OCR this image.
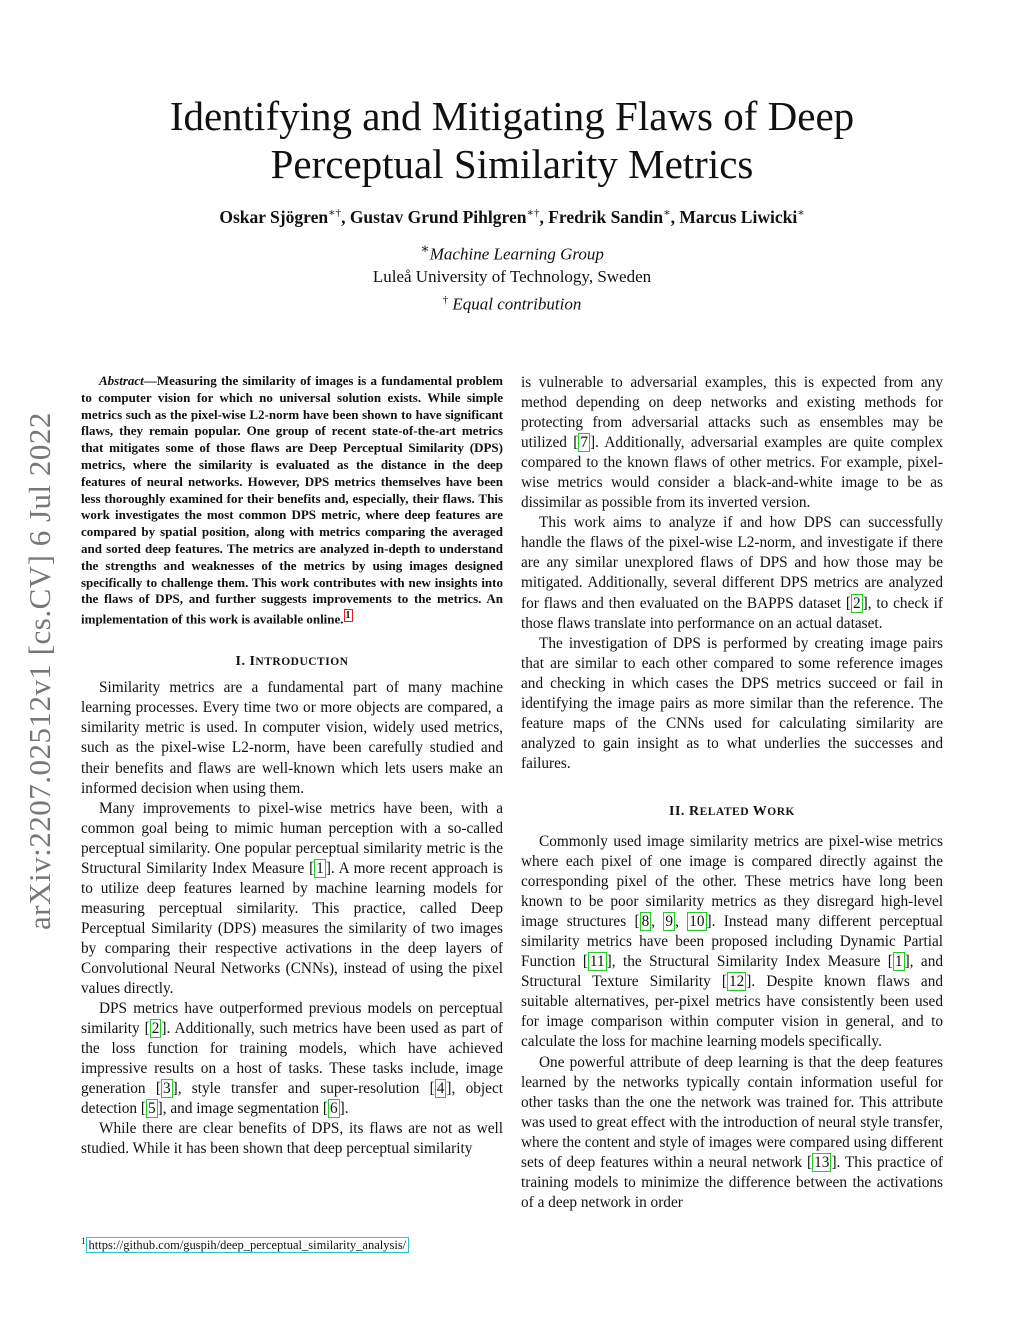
arXiv:2207.02512v1 [cs.CV] 6 Jul 2022
Identifying and Mitigating Flaws of Deep
Perceptual Similarity Metrics
Oskar Sjögren∗†, Gustav Grund Pihlgren∗†, Fredrik Sandin∗, Marcus Liwicki∗
∗Machine Learning Group
Luleå University of Technology, Sweden
† Equal contribution

Abstract—Measuring the similarity of images is a fundamental problem to computer vision for which no universal solution exists. While simple metrics such as the pixel-wise L2-norm have been shown to have significant flaws, they remain popular. One group of recent state-of-the-art metrics that mitigates some of those flaws are Deep Perceptual Similarity (DPS) metrics, where the similarity is evaluated as the distance in the deep features of neural networks. However, DPS metrics themselves have been less thoroughly examined for their benefits and, especially, their flaws. This work investigates the most common DPS metric, where deep features are compared by spatial position, along with metrics comparing the averaged and sorted deep features. The metrics are analyzed in-depth to understand the strengths and weaknesses of the metrics by using images designed specifically to challenge them. This work contributes with new insights into the flaws of DPS, and further suggests improvements to the metrics. An implementation of this work is available online. $^1$

I. INTRODUCTION

Similarity metrics are a fundamental part of many machine learning processes. Every time two or more objects are compared, a similarity metric is used. In computer vision, widely used metrics, such as the pixel-wise L2-norm, have been carefully studied and their benefits and flaws are well-known which lets users make an informed decision when using them.

Many improvements to pixel-wise metrics have been, with a common goal being to mimic human perception with a so-called perceptual similarity. One popular perceptual similarity metric is the Structural Similarity Index Measure [ 1 ]. A more recent approach is to utilize deep features learned by machine learning models for measuring perceptual similarity. This practice, called Deep Perceptual Similarity (DPS) measures the similarity of two images by comparing their respective activations in the deep layers of Convolutional Neural Networks (CNNs), instead of using the pixel values directly.

DPS metrics have outperformed previous models on perceptual similarity [ 2 ]. Additionally, such metrics have been used as part of the loss function for training models, which have achieved impressive results on a host of tasks. These tasks include, image generation [ 3 ], style transfer and super-resolution [ 4 ], object detection [ 5 ], and image segmentation [ 6 ].

While there are clear benefits of DPS, its flaws are not as well studied. While it has been shown that deep perceptual similarity

$^1$ https://github.com/guspih/deep_perceptual_similarity_analysis/

is vulnerable to adversarial examples, this is expected from any method depending on deep networks and existing methods for protecting from adversarial attacks such as ensembles may be utilized [ 7 ]. Additionally, adversarial examples are quite complex compared to the known flaws of other metrics. For example, pixel-wise metrics would consider a black-and-white image to be as dissimilar as possible from its inverted version.

This work aims to analyze if and how DPS can successfully handle the flaws of the pixel-wise L2-norm, and investigate if there are any similar unexplored flaws of DPS and how those may be mitigated. Additionally, several different DPS metrics are analyzed for flaws and then evaluated on the BAPPS dataset [ 2 ], to check if those flaws translate into performance on an actual dataset.

The investigation of DPS is performed by creating image pairs that are similar to each other compared to some reference images and checking in which cases the DPS metrics succeed or fail in identifying the image pairs as more similar than the reference. The feature maps of the CNNs used for calculating similarity are analyzed to gain insight as to what underlies the successes and failures.

II. RELATED WORK

Commonly used image similarity metrics are pixel-wise metrics where each pixel of one image is compared directly against the corresponding pixel of the other. These metrics have long been known to be poor similarity metrics as they disregard high-level image structures [ 8 , 9 , 10 ]. Instead many different perceptual similarity metrics have been proposed including Dynamic Partial Function [ 11 ], the Structural Similarity Index Measure [ 1 ], and Structural Texture Similarity [ 12 ]. Despite known flaws and suitable alternatives, per-pixel metrics have consistently been used for image comparison within computer vision in general, and to calculate the loss for machine learning models specifically.

One powerful attribute of deep learning is that the deep features learned by the networks typically contain information useful for other tasks than the one the network was trained for. This attribute was used to great effect with the introduction of neural style transfer, where the content and style of images were compared using different sets of deep features within a neural network [ 13 ]. This practice of training models to minimize the difference between the activations of a deep network in order
